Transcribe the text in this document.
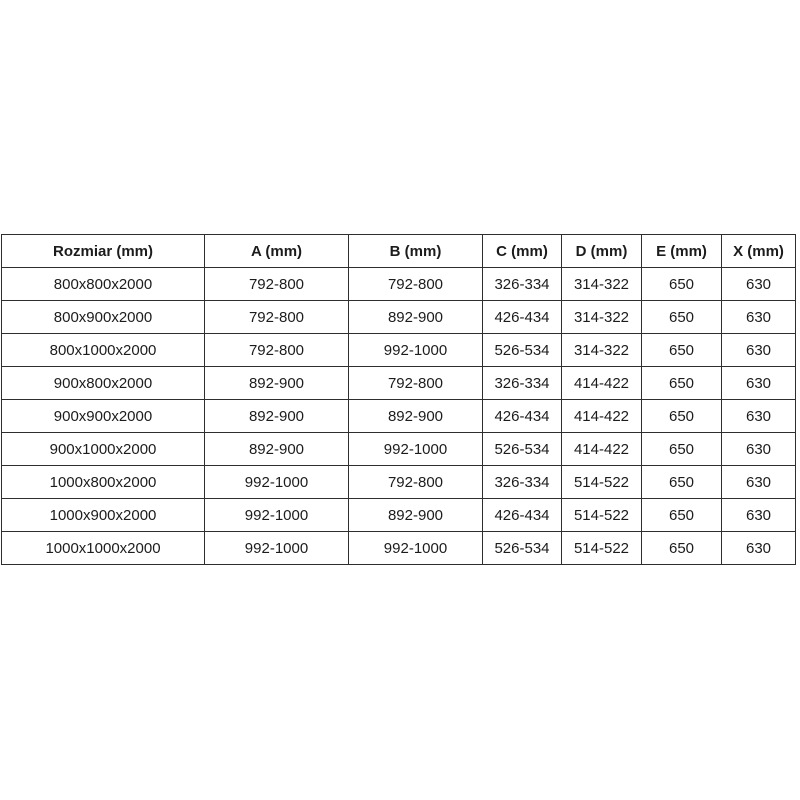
Rozmiar (mm)	A (mm)	B (mm)	C (mm)	D (mm)	E (mm)	X (mm)
800x800x2000	792-800	792-800	326-334	314-322	650	630
800x900x2000	792-800	892-900	426-434	314-322	650	630
800x1000x2000	792-800	992-1000	526-534	314-322	650	630
900x800x2000	892-900	792-800	326-334	414-422	650	630
900x900x2000	892-900	892-900	426-434	414-422	650	630
900x1000x2000	892-900	992-1000	526-534	414-422	650	630
1000x800x2000	992-1000	792-800	326-334	514-522	650	630
1000x900x2000	992-1000	892-900	426-434	514-522	650	630
1000x1000x2000	992-1000	992-1000	526-534	514-522	650	630
